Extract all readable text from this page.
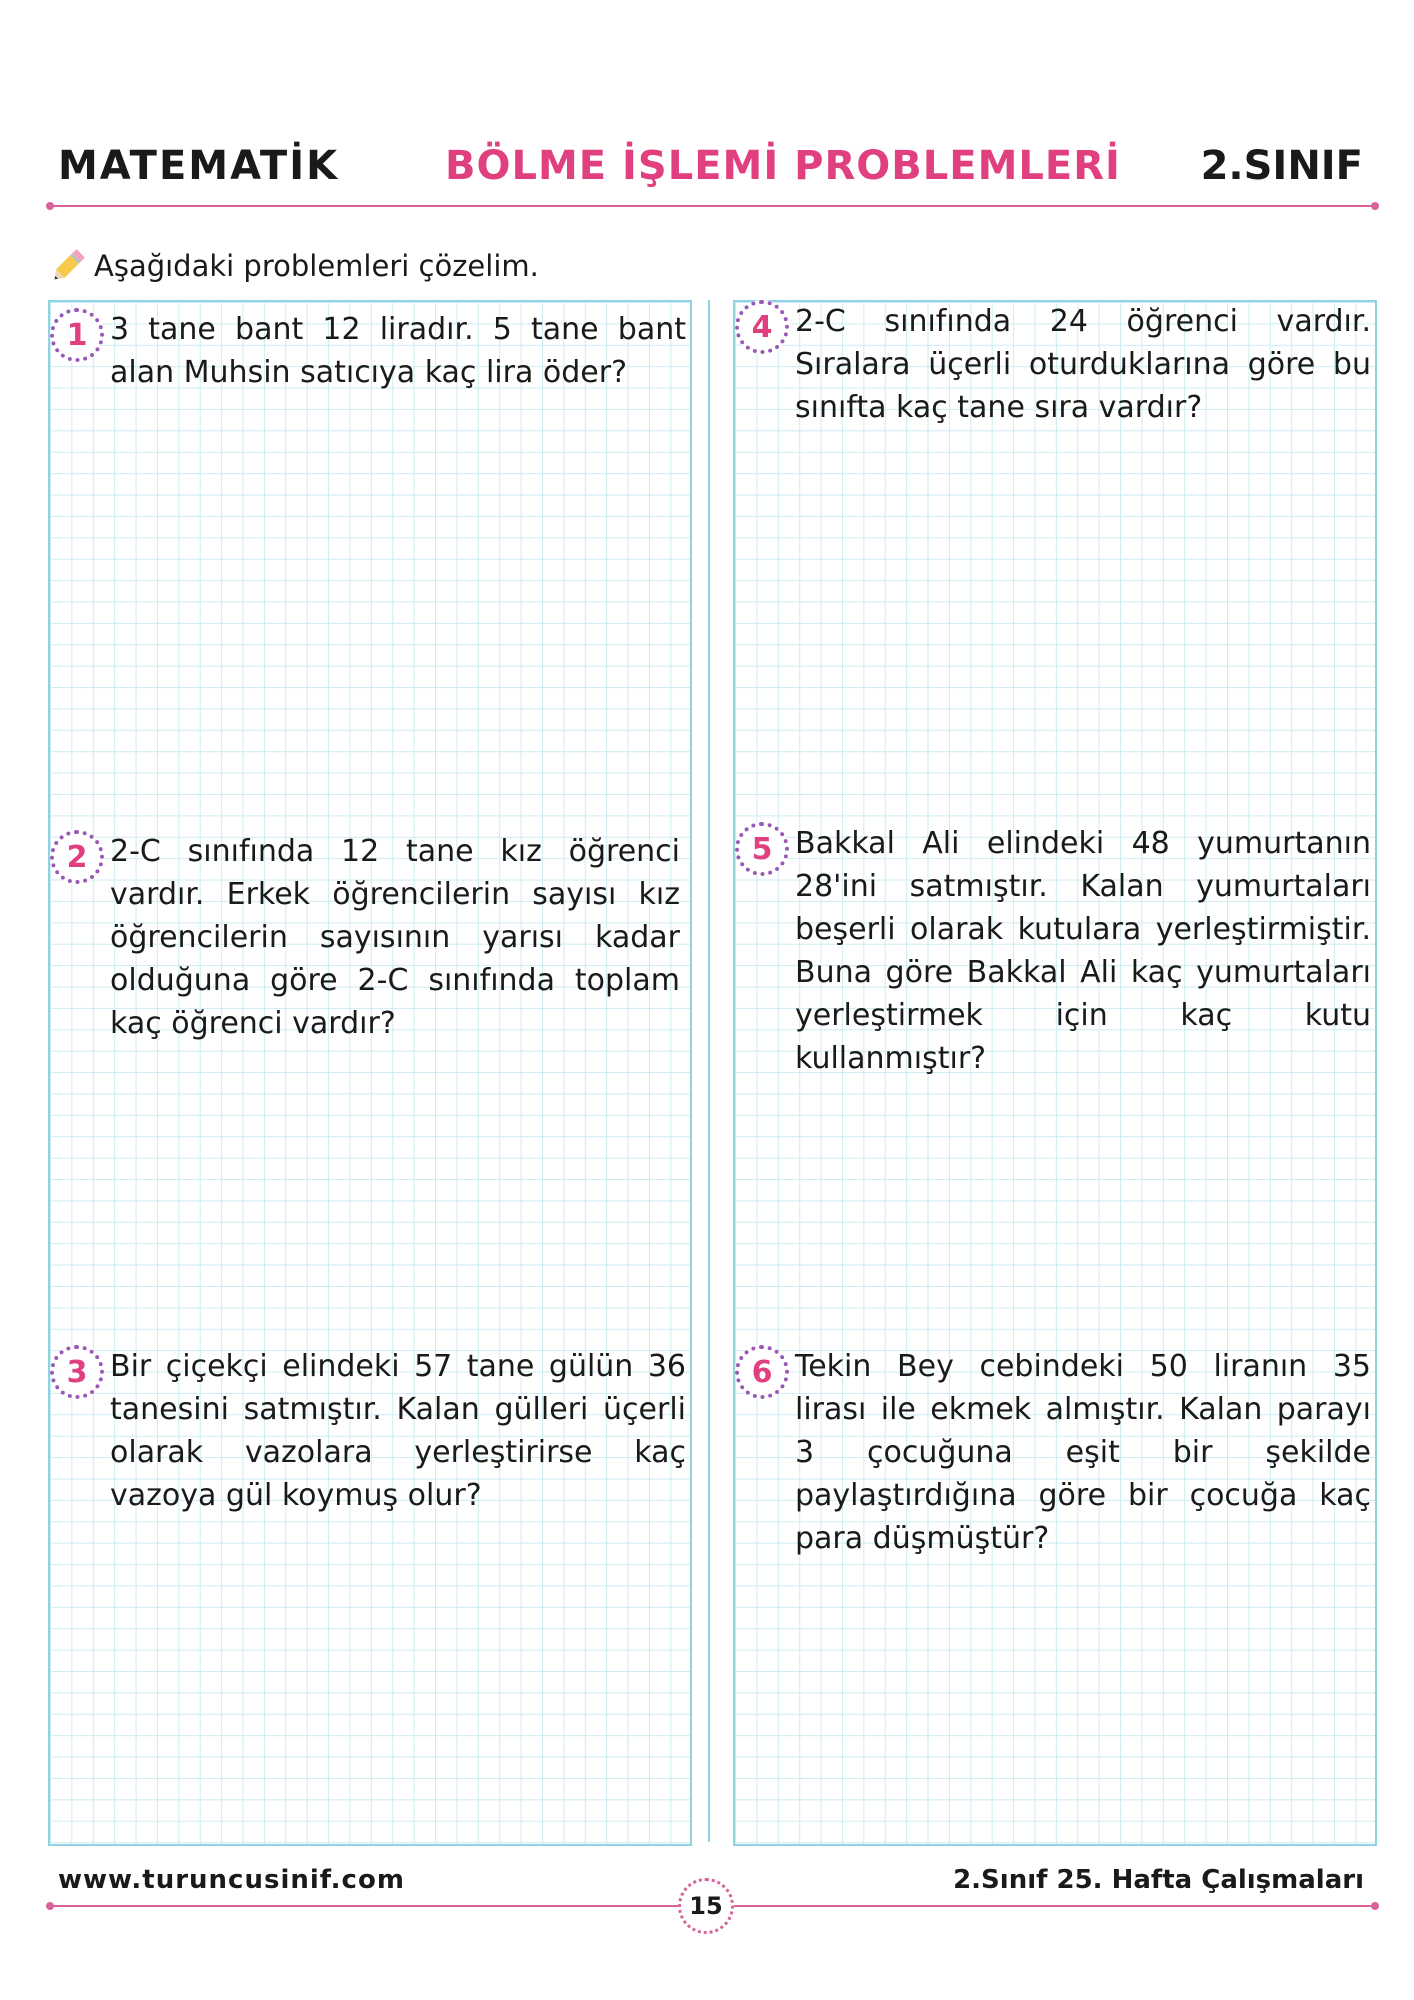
MATEMATİK	BÖLME İŞLEMİ PROBLEMLERİ 2.SINIF
Aşağıdaki problemleri çözelim.
1 3 tane bant 12 liradır. 5 tane bant alan Muhsin satıcıya kaç lira öder?
2 2-C sınıfında 12 tane kız öğrenci vardır. Erkek öğrencilerin sayısı kız öğrencilerin sayısının yarısı kadar olduğuna göre 2-C sınıfında toplam kaç öğrenci vardır?
3 Bir çiçekçi elindeki 57 tane gülün 36 tanesini satmıştır. Kalan gülleri üçerli olarak vazolara yerleştirirse kaç vazoya gül koymuş olur?
4 2-C sınıfında 24 öğrenci vardır. Sıralara üçerli oturduklarına göre bu sınıfta kaç tane sıra vardır?
5 Bakkal Ali elindeki 48 yumurtanın 28'ini satmıştır. Kalan yumurtaları beşerli olarak kutulara yerleştirmiştir. Buna göre Bakkal Ali kaç yumurtaları yerleştirmek için kaç kutu kullanmıştır?
6 Tekin Bey cebindeki 50 liranın 35 lirası ile ekmek almıştır. Kalan parayı 3 çocuğuna eşit bir şekilde paylaştırdığına göre bir çocuğa kaç para düşmüştür?
www.turuncusinif.com	2.Sınıf 25. Hafta Çalışmaları
15
